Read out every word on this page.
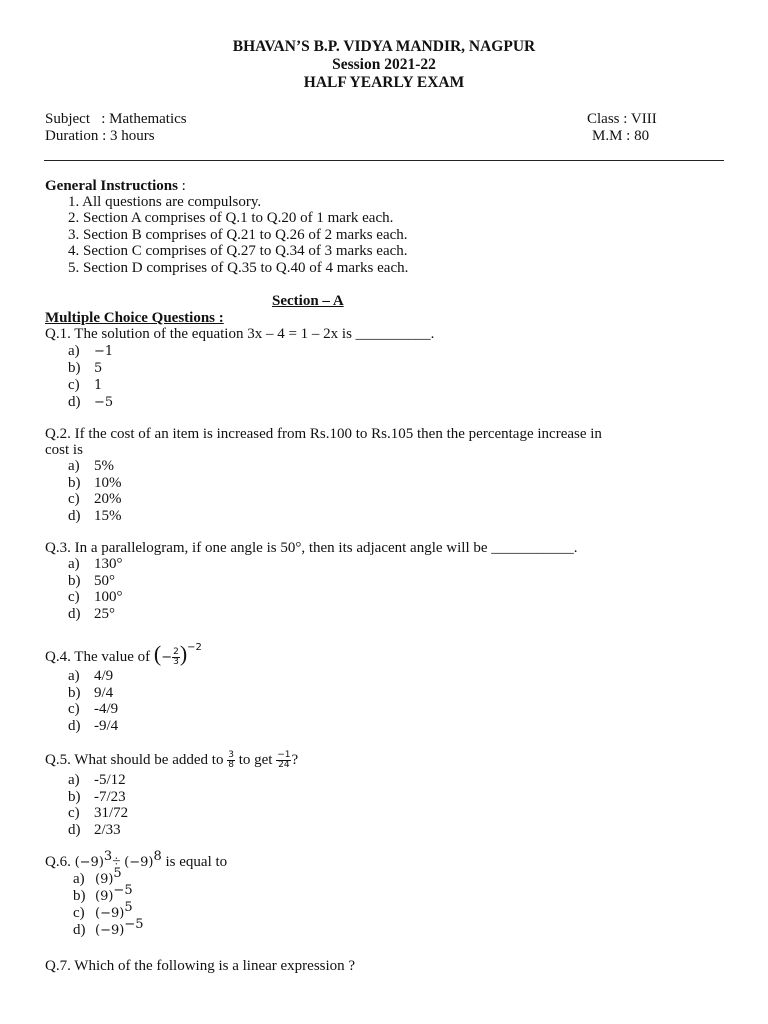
BHAVAN’S B.P. VIDYA MANDIR, NAGPUR
Session 2021-22
HALF YEARLY EXAM
Subject   : Mathematics
Duration : 3 hours
Class : VIII
M.M : 80
General Instructions :
1. All questions are compulsory.
2. Section A comprises of Q.1 to Q.20 of 1 mark each.
3. Section B comprises of Q.21 to Q.26 of 2 marks each.
4. Section C comprises of Q.27 to Q.34 of 3 marks each.
5. Section D comprises of Q.35 to Q.40 of 4 marks each.
Section – A
Multiple Choice Questions :
Q.1. The solution of the equation 3x – 4 = 1 – 2x is __________.
a) −1
b) 5
c) 1
d) −5
Q.2. If the cost of an item is increased from Rs.100 to Rs.105 then the percentage increase in
cost is
a) 5%
b) 10%
c) 20%
d) 15%
Q.3. In a parallelogram, if one angle is 50°, then its adjacent angle will be ___________.
a) 130°
b) 50°
c) 100°
d) 25°
Q.4. The value of (− $\frac{2}{3} )^{-2}$
a) 4/9
b) 9/4
c) -4/9
d) -9/4
Q.5. What should be added to $\frac{3}{8}$ to get $\frac{-1}{24}$ ?
a) -5/12
b) -7/23
c) 31/72
d) 2/33
Q.6. $(-9)^3\div (-9)^8$ is equal to
a) $(9)^5$
b) $(9)^{-5}$
c) $(-9)^5$
d) $(-9)^{-5}$
Q.7. Which of the following is a linear expression ?
